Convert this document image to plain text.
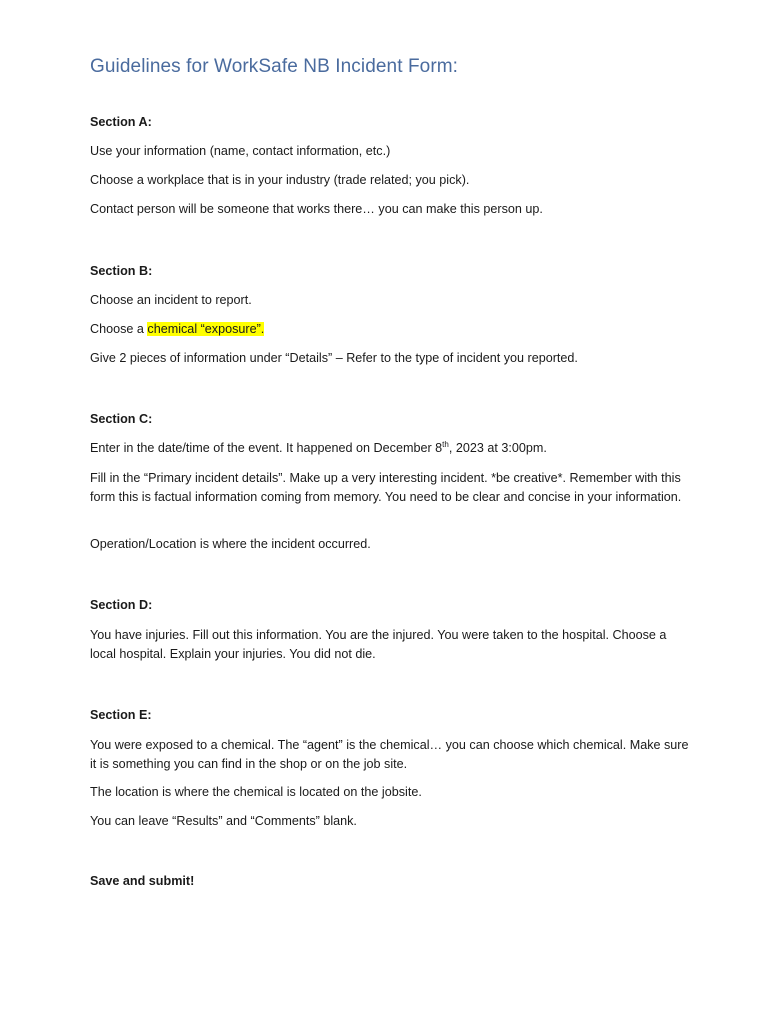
Guidelines for WorkSafe NB Incident Form:
Section A:
Use your information (name, contact information, etc.)
Choose a workplace that is in your industry (trade related; you pick).
Contact person will be someone that works there… you can make this person up.
Section B:
Choose an incident to report.
Choose a chemical “exposure”.
Give 2 pieces of information under “Details” – Refer to the type of incident you reported.
Section C:
Enter in the date/time of the event. It happened on December 8th, 2023 at 3:00pm.
Fill in the “Primary incident details”. Make up a very interesting incident. *be creative*. Remember with this form this is factual information coming from memory. You need to be clear and concise in your information.
Operation/Location is where the incident occurred.
Section D:
You have injuries. Fill out this information. You are the injured. You were taken to the hospital. Choose a local hospital. Explain your injuries. You did not die.
Section E:
You were exposed to a chemical. The “agent” is the chemical… you can choose which chemical. Make sure it is something you can find in the shop or on the job site.
The location is where the chemical is located on the jobsite.
You can leave “Results” and “Comments” blank.
Save and submit!
